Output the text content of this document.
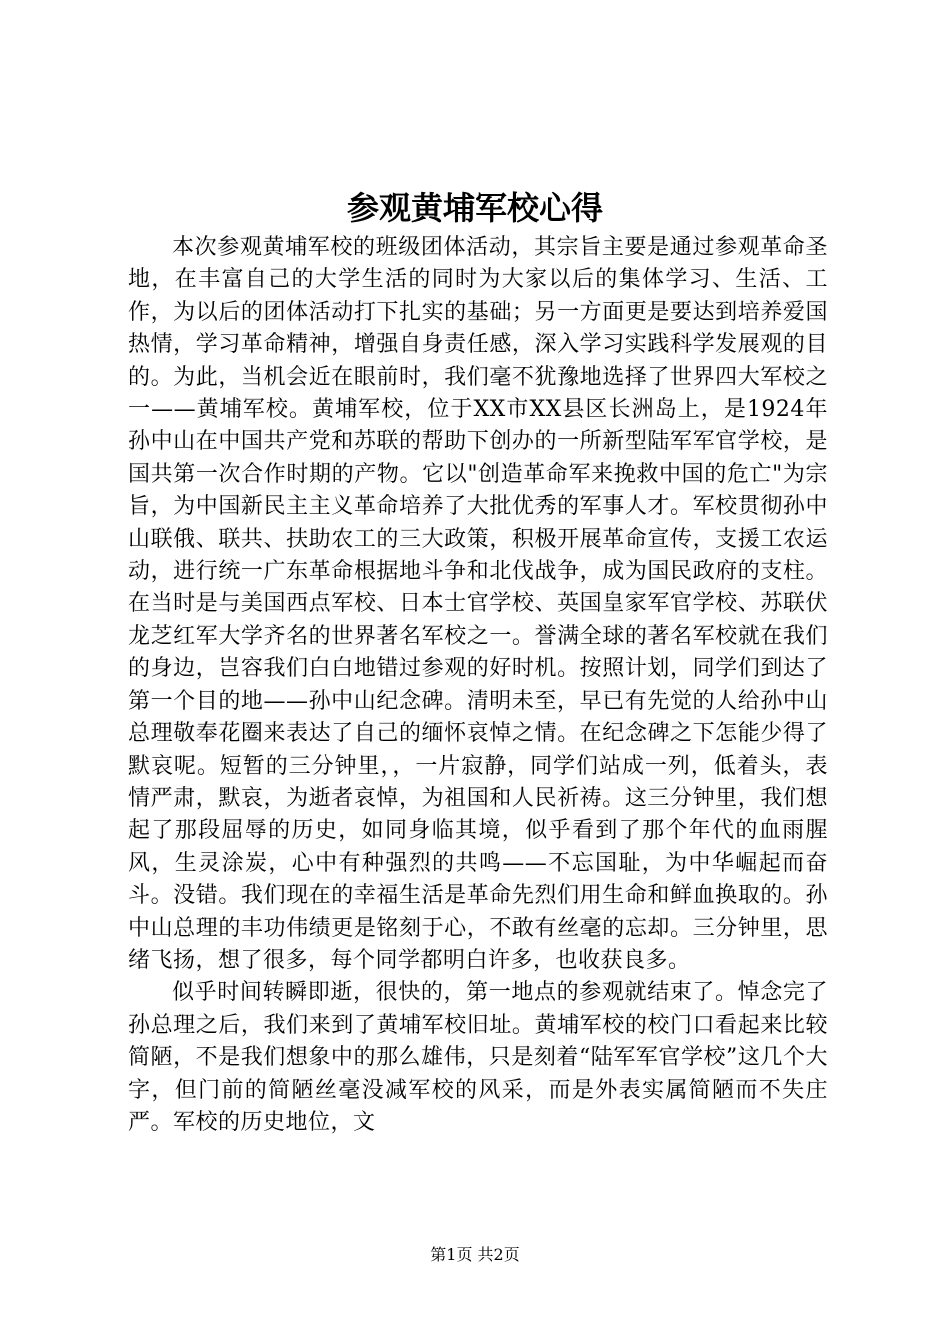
参观黄埔军校心得

本次参观黄埔军校的班级团体活动，其宗旨主要是通过参观革命圣地，在丰富自己的大学生活的同时为大家以后的集体学习、生活、工作，为以后的团体活动打下扎实的基础；另一方面更是要达到培养爱国热情，学习革命精神，增强自身责任感，深入学习实践科学发展观的目的。为此，当机会近在眼前时，我们毫不犹豫地选择了世界四大军校之一——黄埔军校。黄埔军校，位于XX市XX县区长洲岛上，是1924年孙中山在中国共产党和苏联的帮助下创办的一所新型陆军军官学校，是国共第一次合作时期的产物。它以"创造革命军来挽救中国的危亡"为宗旨，为中国新民主主义革命培养了大批优秀的军事人才。军校贯彻孙中山联俄、联共、扶助农工的三大政策，积极开展革命宣传，支援工农运动，进行统一广东革命根据地斗争和北伐战争，成为国民政府的支柱。在当时是与美国西点军校、日本士官学校、英国皇家军官学校、苏联伏龙芝红军大学齐名的世界著名军校之一。誉满全球的著名军校就在我们的身边，岂容我们白白地错过参观的好时机。按照计划，同学们到达了第一个目的地——孙中山纪念碑。清明未至，早已有先觉的人给孙中山总理敬奉花圈来表达了自己的缅怀哀悼之情。在纪念碑之下怎能少得了默哀呢。短暂的三分钟里，，一片寂静，同学们站成一列，低着头，表情严肃，默哀，为逝者哀悼，为祖国和人民祈祷。这三分钟里，我们想起了那段屈辱的历史，如同身临其境，似乎看到了那个年代的血雨腥风，生灵涂炭，心中有种强烈的共鸣——不忘国耻，为中华崛起而奋斗。没错。我们现在的幸福生活是革命先烈们用生命和鲜血换取的。孙中山总理的丰功伟绩更是铭刻于心，不敢有丝毫的忘却。三分钟里，思绪飞扬，想了很多，每个同学都明白许多，也收获良多。

似乎时间转瞬即逝，很快的，第一地点的参观就结束了。悼念完了孙总理之后，我们来到了黄埔军校旧址。黄埔军校的校门口看起来比较简陋，不是我们想象中的那么雄伟，只是刻着“陆军军官学校”这几个大字，但门前的简陋丝毫没减军校的风采，而是外表实属简陋而不失庄严。军校的历史地位，文

第1页 共2页
